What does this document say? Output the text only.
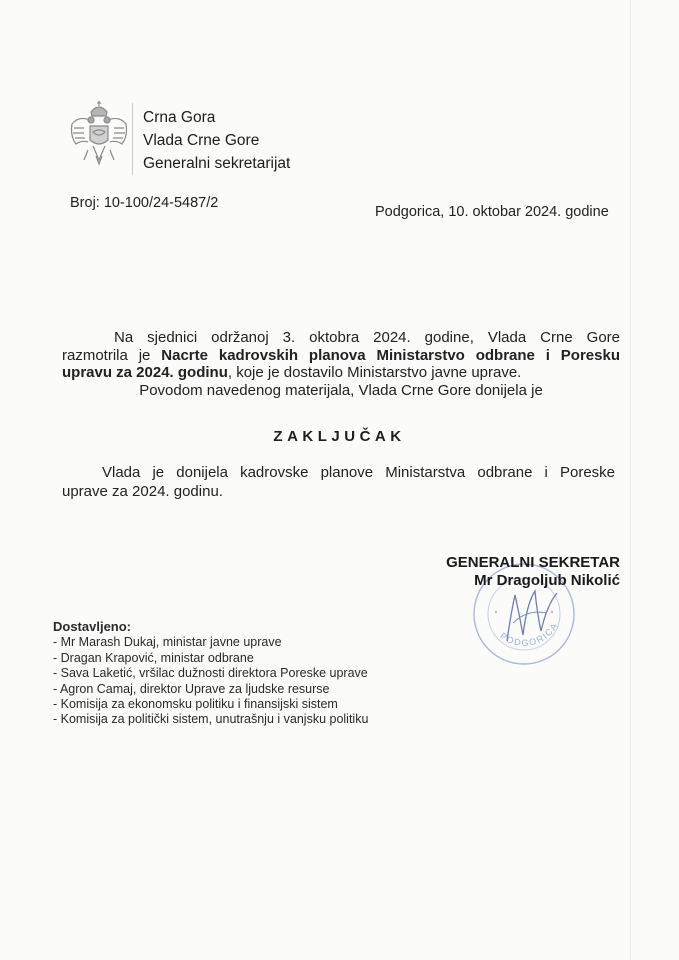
Crna Gora
Vlada Crne Gore
Generalni sekretarijat
Broj: 10-100/24-5487/2
Podgorica, 10. oktobar 2024. godine
Na sjednici održanoj 3. oktobra 2024. godine, Vlada Crne Gore
razmotrila je Nacrte kadrovskih planova Ministarstvo odbrane i Poresku
upravu za 2024. godinu, koje je dostavilo Ministarstvo javne uprave.
Povodom navedenog materijala, Vlada Crne Gore donijela je
ZAKLJUČAK
Vlada je donijela kadrovske planove Ministarstva odbrane i Poreske
uprave za 2024. godinu.
PODGORICA
GENERALNI SEKRETAR
Mr Dragoljub Nikolić
Dostavljeno:
- Mr Marash Dukaj, ministar javne uprave
- Dragan Krapović, ministar odbrane
- Sava Laketić, vršilac dužnosti direktora Poreske uprave
- Agron Camaj, direktor Uprave za ljudske resurse
- Komisija za ekonomsku politiku i finansijski sistem
- Komisija za politički sistem, unutrašnju i vanjsku politiku
